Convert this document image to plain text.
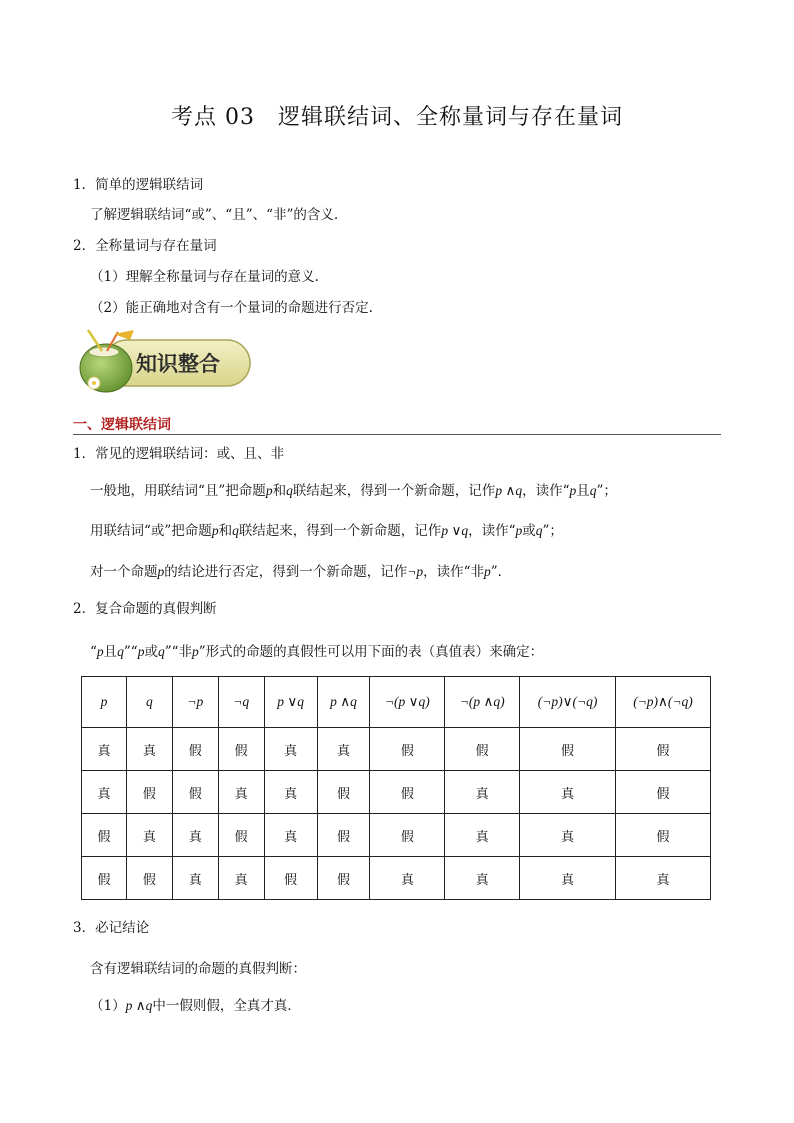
考点 03　逻辑联结词、全称量词与存在量词
1．简单的逻辑联结词
了解逻辑联结词“或”、“且”、“非”的含义.
2．全称量词与存在量词
（1）理解全称量词与存在量词的意义.
（2）能正确地对含有一个量词的命题进行否定.
知识整合
一、逻辑联结词
1．常见的逻辑联结词：或、且、非
一般地，用联结词“且”把命题p和q联结起来，得到一个新命题，记作p ∧q，读作“p且q”；
用联结词“或”把命题p和q联结起来，得到一个新命题，记作p ∨q，读作“p或q”；
对一个命题p的结论进行否定，得到一个新命题，记作¬p，读作“非p”．
2．复合命题的真假判断
“p且q”“p或q”“非p”形式的命题的真假性可以用下面的表（真值表）来确定：
p	q	¬p	¬q	p ∨q	p ∧q	¬(p ∨q)	¬(p ∧q)	(¬p)∨(¬q)	(¬p)∧(¬q)
真	真	假	假	真	真	假	假	假	假
真	假	假	真	真	假	假	真	真	假
假	真	真	假	真	假	假	真	真	假
假	假	真	真	假	假	真	真	真	真
3．必记结论
含有逻辑联结词的命题的真假判断：
（1）p ∧q中一假则假，全真才真．
